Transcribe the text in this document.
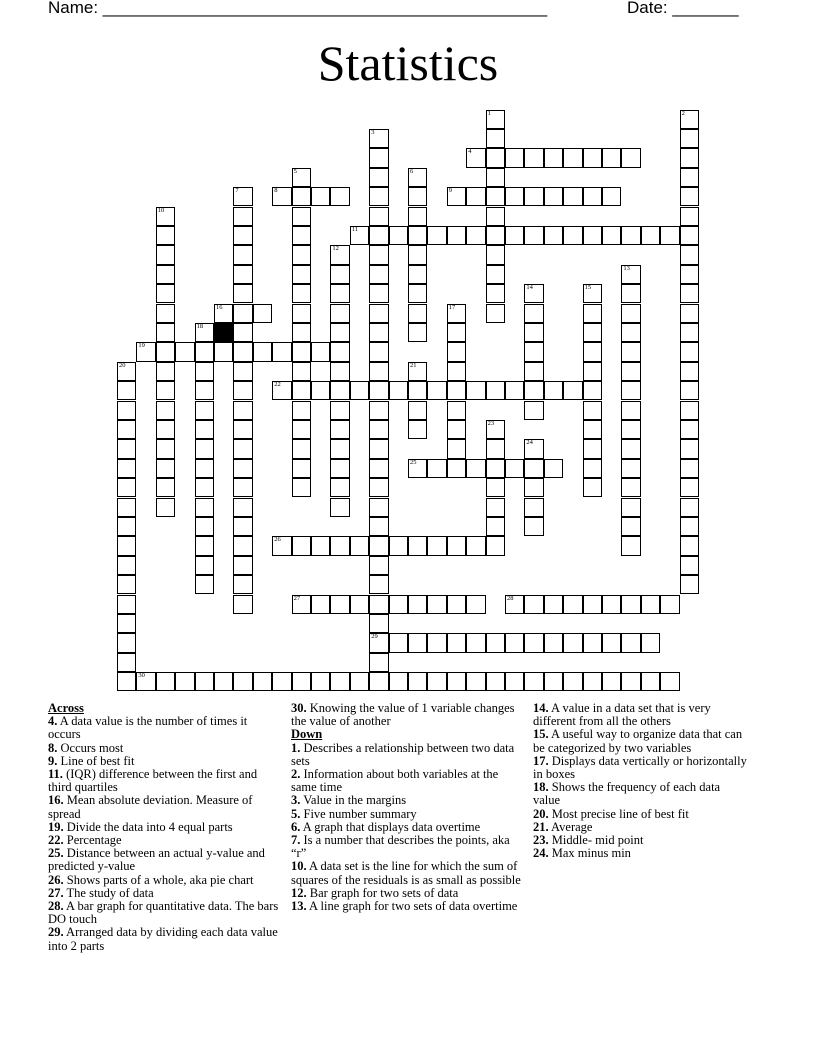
Name: _______________________________________________	Date: _______
Statistics
1	2
3
29
4
5	6
7	8	9
10
11
12
13
14	15
16	17
18
19
20	21
22
23
24
25
26
27	28
30
Across
4. A data value is the number of times it occurs
8. Occurs most
9. Line of best fit
11. (IQR) difference between the first and third quartiles
16. Mean absolute deviation. Measure of spread
19. Divide the data into 4 equal parts
22. Percentage
25. Distance between an actual y-value and predicted y-value
26. Shows parts of a whole, aka pie chart
27. The study of data
28. A bar graph for quantitative data. The bars DO touch
29. Arranged data by dividing each data value into 2 parts
30. Knowing the value of 1 variable changes the value of another
Down
1. Describes a relationship between two data sets
2. Information about both variables at the same time
3. Value in the margins
5. Five number summary
6. A graph that displays data overtime
7. Is a number that describes the points, aka “r”
10. A data set is the line for which the sum of squares of the residuals is as small as possible
12. Bar graph for two sets of data
13. A line graph for two sets of data overtime
14. A value in a data set that is very different from all the others
15. A useful way to organize data that can be categorized by two variables
17. Displays data vertically or horizontally in boxes
18. Shows the frequency of each data value
20. Most precise line of best fit
21. Average
23. Middle- mid point
24. Max minus min
